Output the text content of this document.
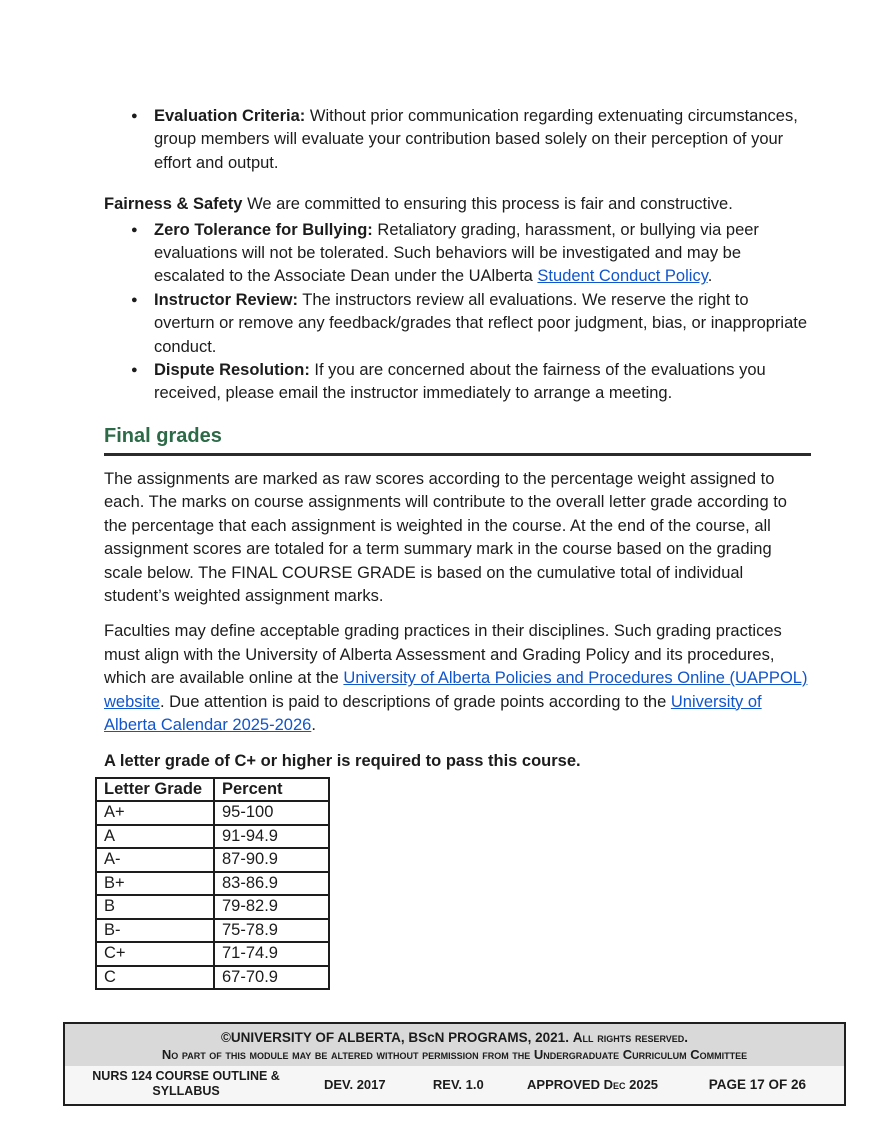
● Evaluation Criteria: Without prior communication regarding extenuating circumstances, group members will evaluate your contribution based solely on their perception of your effort and output.

Fairness & Safety We are committed to ensuring this process is fair and constructive.

● Zero Tolerance for Bullying: Retaliatory grading, harassment, or bullying via peer evaluations will not be tolerated. Such behaviors will be investigated and may be escalated to the Associate Dean under the UAlberta Student Conduct Policy.
● Instructor Review: The instructors review all evaluations. We reserve the right to overturn or remove any feedback/grades that reflect poor judgment, bias, or inappropriate conduct.
● Dispute Resolution: If you are concerned about the fairness of the evaluations you received, please email the instructor immediately to arrange a meeting.
Final grades

The assignments are marked as raw scores according to the percentage weight assigned to each. The marks on course assignments will contribute to the overall letter grade according to the percentage that each assignment is weighted in the course. At the end of the course, all assignment scores are totaled for a term summary mark in the course based on the grading scale below. The FINAL COURSE GRADE is based on the cumulative total of individual student’s weighted assignment marks.

Faculties may define acceptable grading practices in their disciplines. Such grading practices must align with the University of Alberta Assessment and Grading Policy and its procedures, which are available online at the University of Alberta Policies and Procedures Online (UAPPOL) website. Due attention is paid to descriptions of grade points according to the University of Alberta Calendar 2025-2026.

A letter grade of C+ or higher is required to pass this course.

Letter Grade	Percent
A+	95-100
A	91-94.9
A-	87-90.9
B+	83-86.9
B	79-82.9
B-	75-78.9
C+	71-74.9
C	67-70.9
©UNIVERSITY OF ALBERTA, BScN PROGRAMS, 2021. All rights reserved.
No part of this module may be altered without permission from the Undergraduate Curriculum Committee
NURS 124 COURSE OUTLINE & SYLLABUS	DEV. 2017	REV. 1.0	APPROVED Dec 2025	PAGE 17 OF 26
